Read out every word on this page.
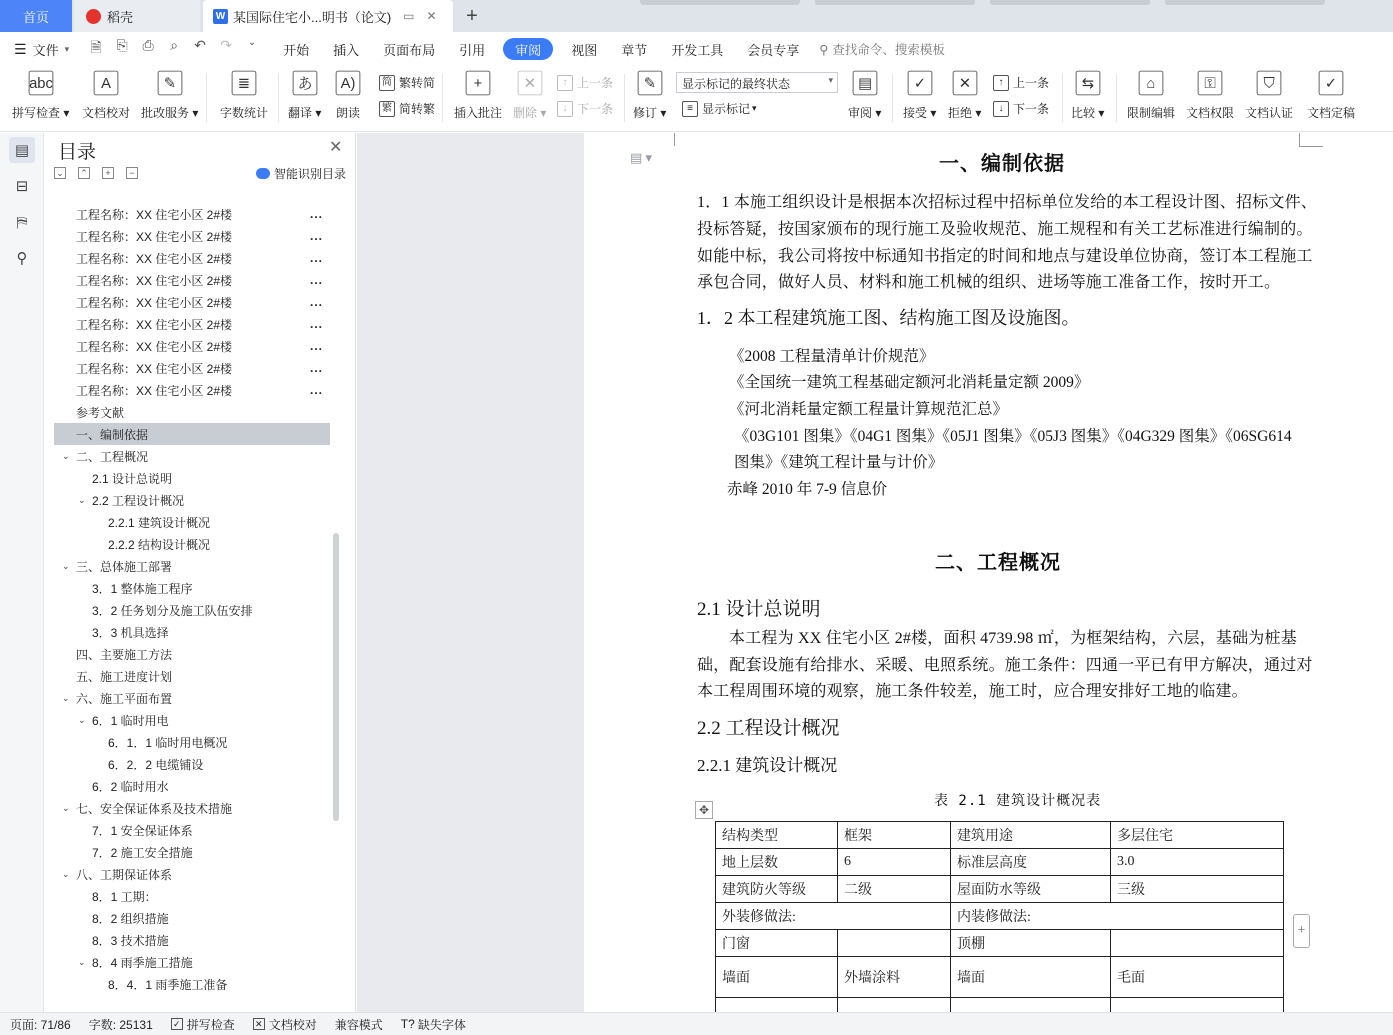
首页	稻壳	W 某国际住宅小...明书（论文) ▭ ✕ +
☰ 文件 ▾	🗎	⎘	⎙	⌕	↶	↷	⌄	开始	插入	页面布局	引用	审阅	视图	章节	开发工具	会员专享	⚲ 查找命令、搜索模板
abc
拼写检查 ▾
A
文档校对
✎
批改服务 ▾
≣
字数统计
あ
翻译 ▾
A)
朗读
简 繁转简
繁 简转繁
+
插入批注
✕
删除 ▾
↑ 上一条
↓ 下一条
✎
修订 ▾
显示标记的最终状态	▾
≡ 显示标记 ▾
▤
审阅 ▾
✓
接受 ▾
✕
拒绝 ▾
↑ 上一条
↓ 下一条
⇆
比较 ▾
⌂
限制编辑
⚿
文档权限
⛉
文档认证
✓
文档定稿
▤
⊟
⛿
⚲
目录	✕
⌄ ⌃	+	−	智能识别目录
工程名称：XX 住宅小区 2#楼	...
工程名称：XX 住宅小区 2#楼	...
工程名称：XX 住宅小区 2#楼	...
工程名称：XX 住宅小区 2#楼	...
工程名称：XX 住宅小区 2#楼	...
工程名称：XX 住宅小区 2#楼	...
工程名称：XX 住宅小区 2#楼	...
工程名称：XX 住宅小区 2#楼	...
工程名称：XX 住宅小区 2#楼	...
参考文献
一、编制依据
⌄ 二、工程概况
2.1 设计总说明
⌄ 2.2 工程设计概况
2.2.1 建筑设计概况
2.2.2 结构设计概况
⌄ 三、总体施工部署
3．1 整体施工程序
3．2 任务划分及施工队伍安排
3．3 机具选择
四、主要施工方法
五、施工进度计划
⌄ 六、施工平面布置
⌄ 6．1 临时用电
6．1．1 临时用电概况
6．2．2 电缆铺设
6．2 临时用水
⌄ 七、安全保证体系及技术措施
7．1 安全保证体系
7．2 施工安全措施
⌄ 八、工期保证体系
8．1 工期：
8．2 组织措施
8．3 技术措施
⌄ 8．4 雨季施工措施
8．4．1 雨季施工准备
▤ ▾	一、编制依据
1．1 本施工组织设计是根据本次招标过程中招标单位发给的本工程设计图、招标文件、
投标答疑，按国家颁布的现行施工及验收规范、施工规程和有关工艺标准进行编制的。
如能中标，我公司将按中标通知书指定的时间和地点与建设单位协商，签订本工程施工
承包合同，做好人员、材料和施工机械的组织、进场等施工准备工作，按时开工。
1．2 本工程建筑施工图、结构施工图及设施图。
《2008 工程量清单计价规范》
《全国统一建筑工程基础定额河北消耗量定额 2009》
《河北消耗量定额工程量计算规范汇总》
《03G101 图集》《04G1 图集》《05J1 图集》《05J3 图集》《04G329 图集》《06SG614
图集》《建筑工程计量与计价》
赤峰 2010 年 7-9 信息价
二、工程概况
2.1 设计总说明
本工程为 XX 住宅小区 2#楼，面积 4739.98 ㎡，为框架结构，六层，基础为桩基
础，配套设施有给排水、采暖、电照系统。施工条件：四通一平已有甲方解决，通过对
本工程周围环境的观察，施工条件较差，施工时，应合理安排好工地的临建。
2.2 工程设计概况
2.2.1 建筑设计概况
表 2.1 建筑设计概况表
✥
结构类型	框架	建筑用途	多层住宅
地上层数	6	标准层高度	3.0
建筑防火等级	二级	屋面防水等级	三级
外装修做法:		内装修做法:	
门窗		顶棚	
墙面	外墙涂料	墙面	毛面

+
页面: 71/86 字数: 25131 ✓ 拼写检查 ✕ 文档校对 兼容模式 T? 缺失字体
